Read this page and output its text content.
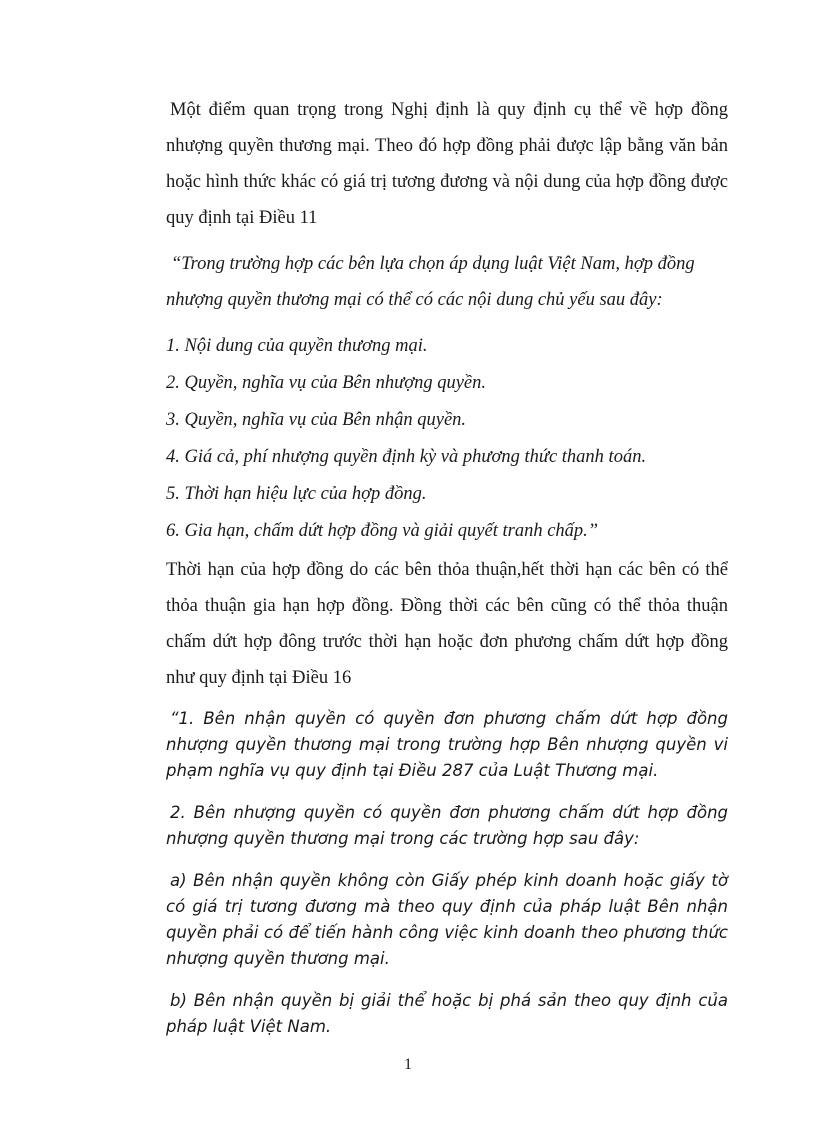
Một điểm quan trọng trong Nghị định là quy định cụ thể về hợp đồng nhượng quyền thương mại. Theo đó hợp đồng phải được lập bằng văn bản hoặc hình thức khác có giá trị tương đương và nội dung của hợp đồng được quy định tại Điều 11

“Trong trường hợp các bên lựa chọn áp dụng luật Việt Nam, hợp đồng nhượng quyền thương mại có thể có các nội dung chủ yếu sau đây:

1. Nội dung của quyền thương mại.

2. Quyền, nghĩa vụ của Bên nhượng quyền.

3. Quyền, nghĩa vụ của Bên nhận quyền.

4. Giá cả, phí nhượng quyền định kỳ và phương thức thanh toán.

5. Thời hạn hiệu lực của hợp đồng.

6. Gia hạn, chấm dứt hợp đồng và giải quyết tranh chấp.”

Thời hạn của hợp đồng do các bên thỏa thuận,hết thời hạn các bên có thể thỏa thuận gia hạn hợp đồng. Đồng thời các bên cũng có thể thỏa thuận chấm dứt hợp đông trước thời hạn hoặc đơn phương chấm dứt hợp đồng như quy định tại Điều 16

“1. Bên nhận quyền có quyền đơn phương chấm dứt hợp đồng nhượng quyền thương mại trong trường hợp Bên nhượng quyền vi phạm nghĩa vụ quy định tại Điều 287 của Luật Thương mại.

2. Bên nhượng quyền có quyền đơn phương chấm dứt hợp đồng nhượng quyền thương mại trong các trường hợp sau đây:

a) Bên nhận quyền không còn Giấy phép kinh doanh hoặc giấy tờ có giá trị tương đương mà theo quy định của pháp luật Bên nhận quyền phải có để tiến hành công việc kinh doanh theo phương thức nhượng quyền thương mại.

b) Bên nhận quyền bị giải thể hoặc bị phá sản theo quy định của pháp luật Việt Nam.

1
